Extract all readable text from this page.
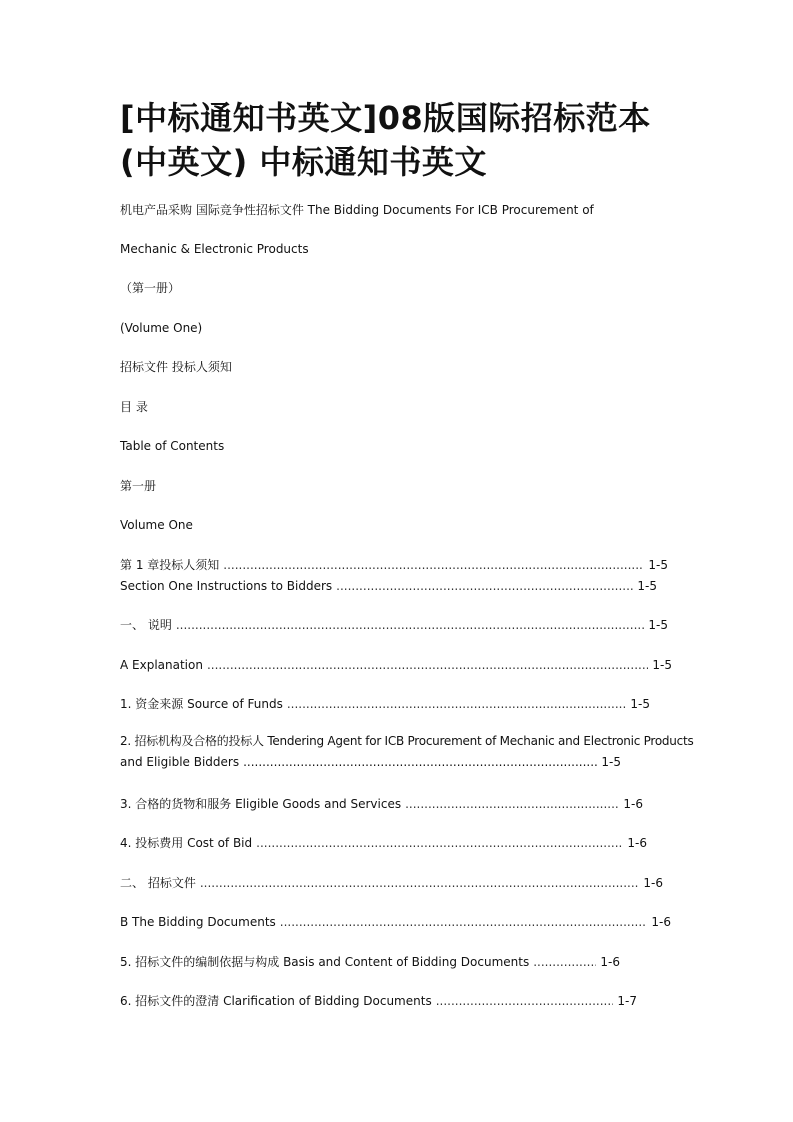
[中标通知书英文]08版国际招标范本(中英文) 中标通知书英文

机电产品采购 国际竞争性招标文件 The Bidding Documents For ICB Procurement of

Mechanic & Electronic Products

（第一册）

(Volume One)

招标文件 投标人须知

目 录

Table of Contents

第一册

Volume One

第 1 章投标人须知 .....	1-5
Section One Instructions to Bidders .....	1-5
一、 说明 .....	1-5
A Explanation .....	1-5
1. 资金来源 Source of Funds .....	1-5
2. 招标机构及合格的投标人 Tendering Agent for ICB Procurement of Mechanic and Electronic Products
and Eligible Bidders .....	1-5
3. 合格的货物和服务 Eligible Goods and Services .....	1-6
4. 投标费用 Cost of Bid .....	1-6
二、 招标文件 .....	1-6
B The Bidding Documents .....	1-6
5. 招标文件的编制依据与构成 Basis and Content of Bidding Documents .....	1-6
6. 招标文件的澄清 Clarification of Bidding Documents .....	1-7
